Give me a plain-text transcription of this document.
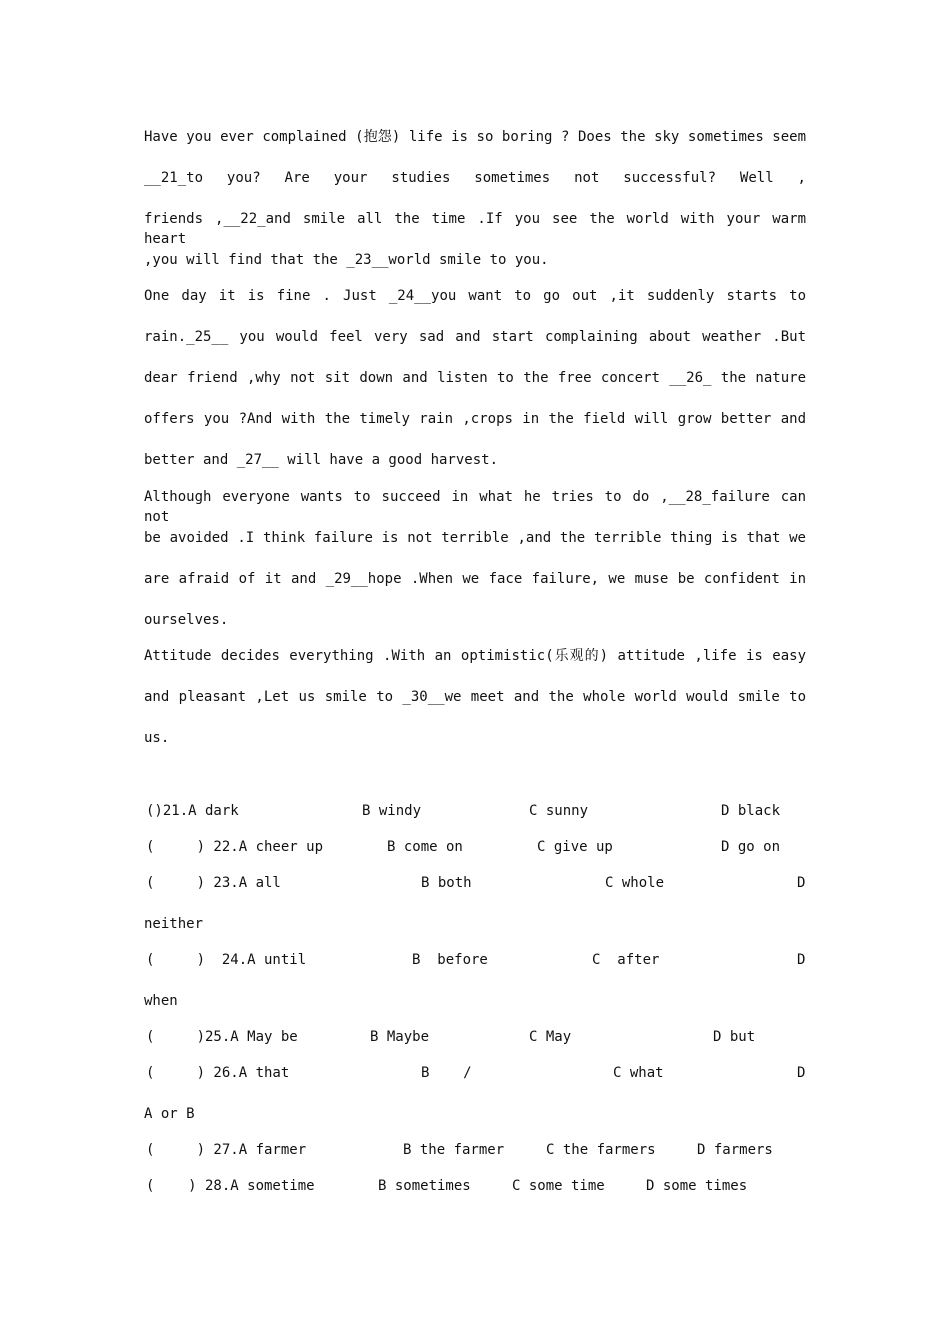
Have you ever complained (抱怨) life is so boring ? Does the sky sometimes seem
__21_to you? Are your studies sometimes not successful? Well ,
friends ,__22_and smile all the time .If you see the world with your warm heart
,you will find that the _23__world smile to you.
One day it is fine . Just _24__you want to go out ,it suddenly starts to
rain._25__ you would feel very sad and start complaining about weather .But
dear friend ,why not sit down and listen to the free concert __26_ the nature
offers you ?And with the timely rain ,crops in the field will grow better and
better and _27__ will have a good harvest.
Although everyone wants to succeed in what he tries to do ,__28_failure can not
be avoided .I think failure is not terrible ,and the terrible thing is that we
are afraid of it and _29__hope .When we face failure, we muse be confident in
ourselves.
Attitude decides everything .With an optimistic(乐观的) attitude ,life is easy
and pleasant ,Let us smile to _30__we meet and the whole world would smile to
us.
()21.A dark	B windy	C sunny	D black
(     ) 22.A cheer up	B come on	C give up	D go on
(     ) 23.A all	B both	C whole	D
neither
(     )  24.A until	B  before	C  after	D
when
(     )25.A May be	B Maybe	C May	D but
(     ) 26.A that	B    /	C what	D
A or B
(     ) 27.A farmer	B the farmer	C the farmers	D farmers
(    ) 28.A sometime	B sometimes	C some time	D some times
